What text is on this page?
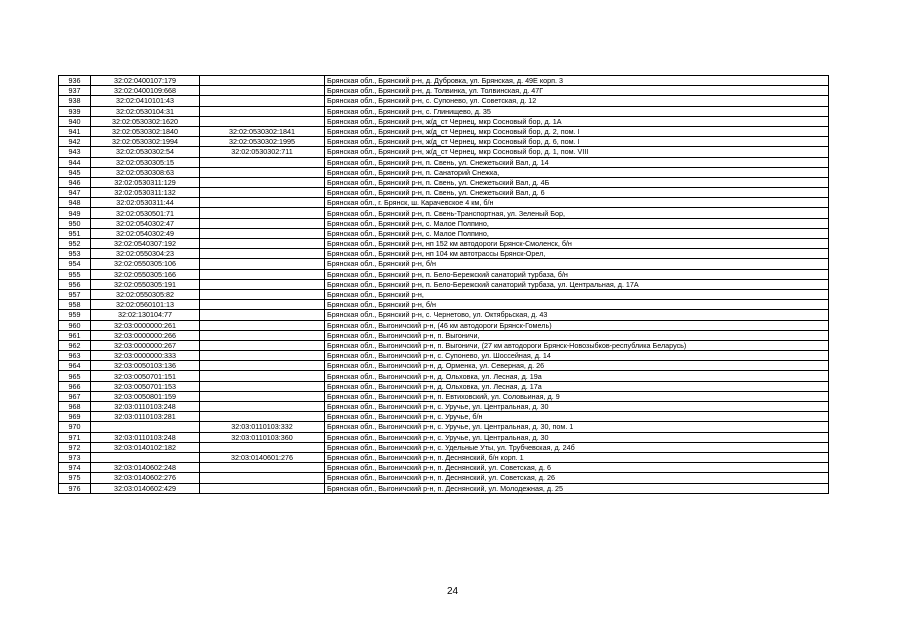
936	32:02:0400107:179		Брянская обл., Брянский р-н, д. Дубровка, ул. Брянская, д. 49Е корп. 3
937	32:02:0400109:668		Брянская обл., Брянский р-н, д. Толвинка, ул. Толвинская, д. 47Г
938	32:02:0410101:43		Брянская обл., Брянский р-н, с. Супонево, ул. Советская, д. 12
939	32:02:0530104:31		Брянская обл., Брянский р-н, с. Глинищево, д. 35
940	32:02:0530302:1620		Брянская обл., Брянский р-н, ж/д_ст Чернец, мкр Сосновый бор, д. 1А
941	32:02:0530302:1840	32:02:0530302:1841	Брянская обл., Брянский р-н, ж/д_ст Чернец, мкр Сосновый бор, д. 2, пом. I
942	32:02:0530302:1994	32:02:0530302:1995	Брянская обл., Брянский р-н, ж/д_ст Чернец, мкр Сосновый бор, д. 6, пом. I
943	32:02:0530302:54	32:02:0530302:711	Брянская обл., Брянский р-н, ж/д_ст Чернец, мкр Сосновый бор, д. 1, пом. VIII
944	32:02:0530305:15		Брянская обл., Брянский р-н, п. Свень, ул. Снежетьский Вал, д. 14
945	32:02:0530308:63		Брянская обл., Брянский р-н, п. Санаторий Снежка,
946	32:02:0530311:129		Брянская обл., Брянский р-н, п. Свень, ул. Снежетьский Вал, д. 4Б
947	32:02:0530311:132		Брянская обл., Брянский р-н, п. Свень, ул. Снежетьский Вал, д. 6
948	32:02:0530311:44		Брянская обл., г. Брянск, ш. Карачевское 4 км, б/н
949	32:02:0530501:71		Брянская обл., Брянский р-н, п. Свень-Транспортная, ул. Зеленый Бор,
950	32:02:0540302:47		Брянская обл., Брянский р-н, с. Малое Полпино,
951	32:02:0540302:49		Брянская обл., Брянский р-н, с. Малое Полпино,
952	32:02:0540307:192		Брянская обл., Брянский р-н, нп 152 км автодороги Брянск-Смоленск, б/н
953	32:02:0550304:23		Брянская обл., Брянский р-н, нп 104 км автотрассы Брянск-Орел,
954	32:02:0550305:106		Брянская обл., Брянский р-н, б/н
955	32:02:0550305:166		Брянская обл., Брянский р-н, п. Бело-Бережский санаторий турбаза, б/н
956	32:02:0550305:191		Брянская обл., Брянский р-н, п. Бело-Бережский санаторий турбаза, ул. Центральная, д. 17А
957	32:02:0550305:82		Брянская обл., Брянский р-н,
958	32:02:0560101:13		Брянская обл., Брянский р-н, б/н
959	32:02:130104:77		Брянская обл., Брянский р-н, с. Чернетово, ул. Октябрьская, д. 43
960	32:03:0000000:261		Брянская обл., Выгоничский р-н, (46 км автодороги Брянск-Гомель)
961	32:03:0000000:266		Брянская обл., Выгоничский р-н, п. Выгоничи,
962	32:03:0000000:267		Брянская обл., Выгоничский р-н, п. Выгоничи, (27 км автодороги Брянск-Новозыбков-республика Беларусь)
963	32:03:0000000:333		Брянская обл., Выгоничский р-н, с. Супонево, ул. Шоссейная, д. 14
964	32:03:0050103:136		Брянская обл., Выгоничский р-н, д. Орменка, ул. Северная, д. 26
965	32:03:0050701:151		Брянская обл., Выгоничский р-н, д. Ольховка, ул. Лесная, д. 19а
966	32:03:0050701:153		Брянская обл., Выгоничский р-н, д. Ольховка, ул. Лесная, д. 17а
967	32:03:0050801:159		Брянская обл., Выгоничский р-н, п. Евтиховский, ул. Соловьиная, д. 9
968	32:03:0110103:248		Брянская обл., Выгоничский р-н, с. Уручье, ул. Центральная, д. 30
969	32:03:0110103:281		Брянская обл., Выгоничский р-н, с. Уручье, б/н
970		32:03:0110103:332	Брянская обл., Выгоничский р-н, с. Уручье, ул. Центральная, д. 30, пом. 1
971	32:03:0110103:248	32:03:0110103:360	Брянская обл., Выгоничский р-н, с. Уручье, ул. Центральная, д. 30
972	32:03:0140102:182		Брянская обл., Выгоничский р-н, с. Удельные Уты, ул. Трубчевская, д. 24б
973		32:03:0140601:276	Брянская обл., Выгоничский р-н, п. Деснянский, б/н корп. 1
974	32:03:0140602:248		Брянская обл., Выгоничский р-н, п. Деснянский, ул. Советская, д. 6
975	32:03:0140602:276		Брянская обл., Выгоничский р-н, п. Деснянский, ул. Советская, д. 26
976	32:03:0140602:429		Брянская обл., Выгоничский р-н, п. Деснянский, ул. Молодежная, д. 25
24
